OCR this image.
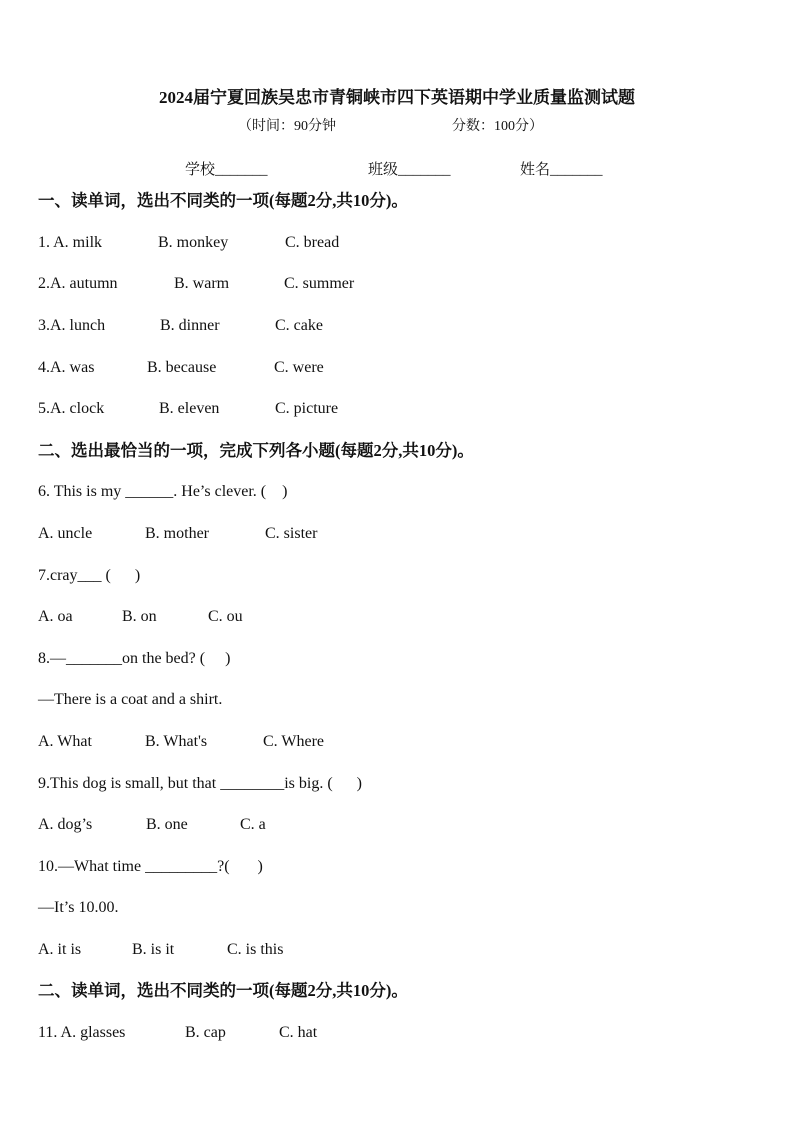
2024届宁夏回族吴忠市青铜峡市四下英语期中学业质量监测试题
（时间：90分钟	分数：100分）
学校_______	班级_______	姓名_______
一、读单词，选出不同类的一项(每题2分,共10分)。
1. A. milk	B. monkey	C. bread
2.A. autumn	B. warm	C. summer
3.A. lunch	B. dinner	C. cake
4.A. was	B. because	C. were
5.A. clock	B. eleven	C. picture
二、选出最恰当的一项，完成下列各小题(每题2分,共10分)。
6. This is my ______. He’s clever. (    )
A. uncle	B. mother	C. sister
7.cray___ (      )
A. oa	B. on	C. ou
8.—_______on the bed? (     )
—There is a coat and a shirt.
A. What	B. What's	C. Where
9.This dog is small, but that ________is big. (      )
A. dog’s	B. one	C. a
10.—What time _________?(       )
—It’s 10.00.
A. it is	B. is it	C. is this
二、读单词，选出不同类的一项(每题2分,共10分)。
11. A. glasses	B. cap	C. hat
